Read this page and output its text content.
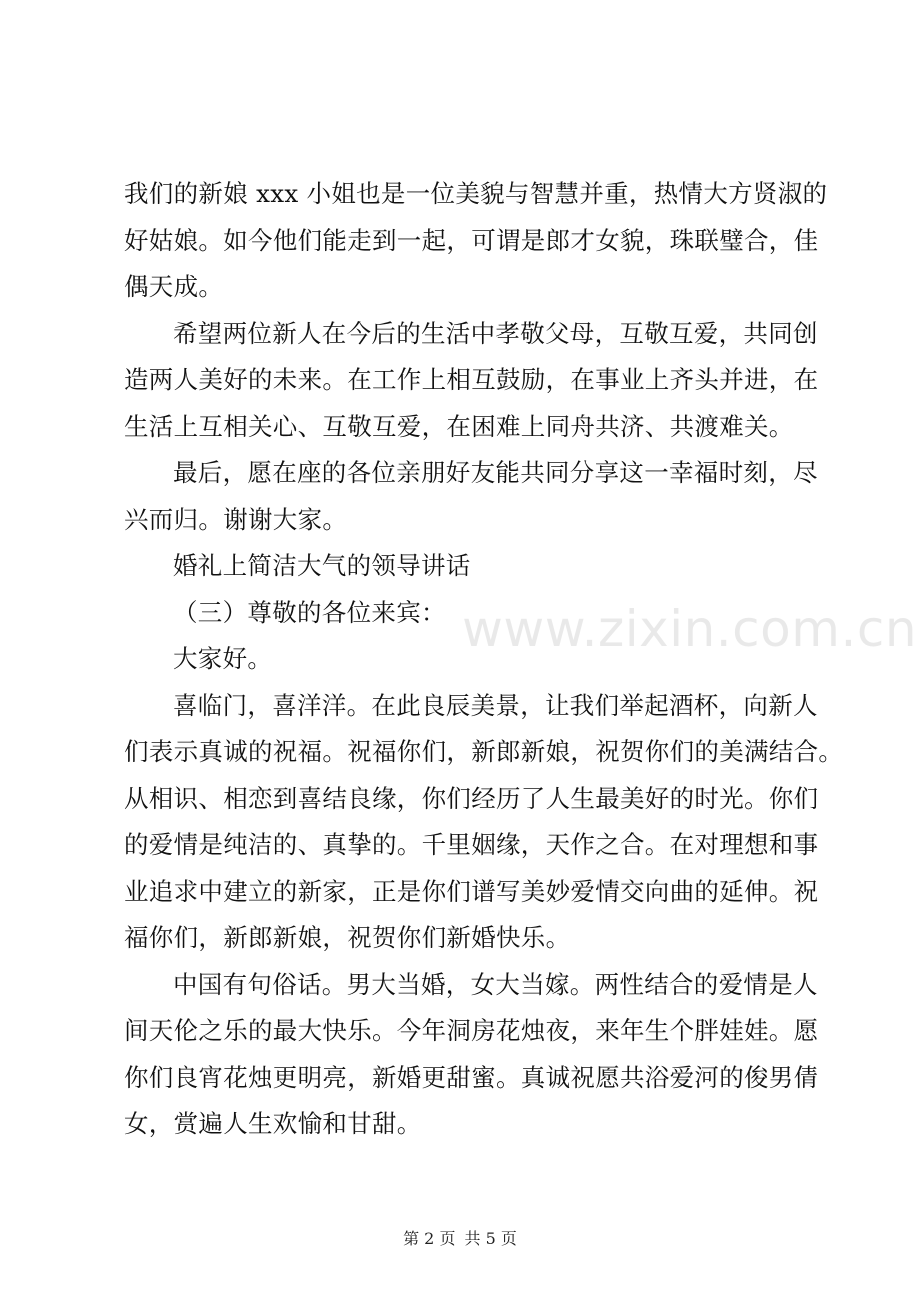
我们的新娘 xxx 小姐也是一位美貌与智慧并重，热情大方贤淑的
好姑娘。如今他们能走到一起，可谓是郎才女貌，珠联璧合，佳
偶天成。

希望两位新人在今后的生活中孝敬父母，互敬互爱，共同创
造两人美好的未来。在工作上相互鼓励，在事业上齐头并进，在
生活上互相关心、互敬互爱，在困难上同舟共济、共渡难关。

最后，愿在座的各位亲朋好友能共同分享这一幸福时刻，尽
兴而归。谢谢大家。

婚礼上简洁大气的领导讲话

（三）尊敬的各位来宾：

大家好。

喜临门，喜洋洋。在此良辰美景，让我们举起酒杯，向新人
们表示真诚的祝福。祝福你们，新郎新娘，祝贺你们的美满结合。
从相识、相恋到喜结良缘，你们经历了人生最美好的时光。你们
的爱情是纯洁的、真挚的。千里姻缘，天作之合。在对理想和事
业追求中建立的新家，正是你们谱写美妙爱情交向曲的延伸。祝
福你们，新郎新娘，祝贺你们新婚快乐。

中国有句俗话。男大当婚，女大当嫁。两性结合的爱情是人
间天伦之乐的最大快乐。今年洞房花烛夜，来年生个胖娃娃。愿
你们良宵花烛更明亮，新婚更甜蜜。真诚祝愿共浴爱河的俊男倩
女，赏遍人生欢愉和甘甜。

www.zixin.com.cn
第 2 页 共 5 页
